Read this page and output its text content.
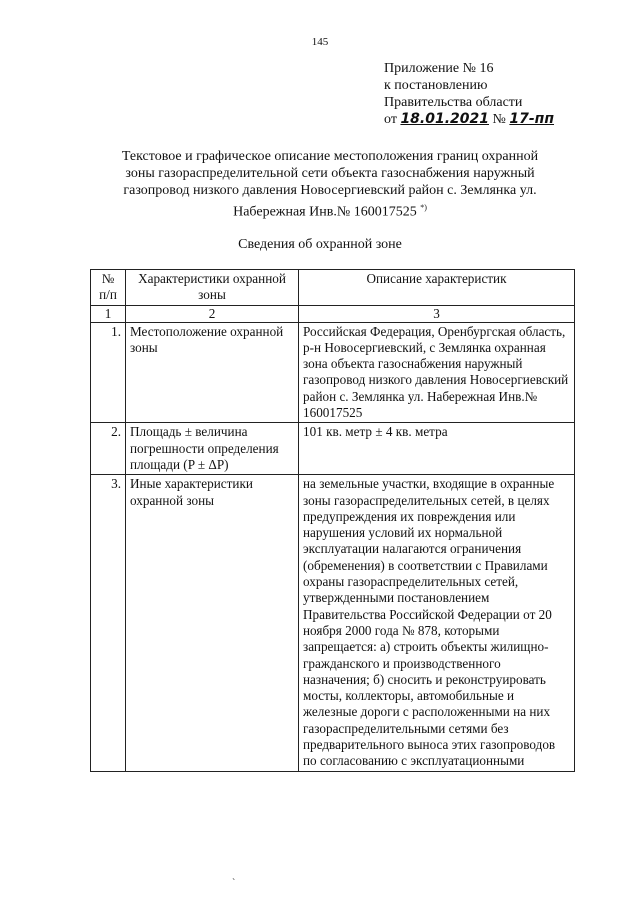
145
Приложение № 16
к постановлению
Правительства области
от 18.01.2021 № 17-пп
Текстовое и графическое описание местоположения границ охранной зоны газораспределительной сети объекта газоснабжения наружный газопровод низкого давления Новосергиевский район с. Землянка ул. Набережная Инв.№ 160017525 *)
Сведения об охранной зоне
№ п/п	Характеристики охранной зоны	Описание характеристик
1	2	3
1.	Местоположение охранной зоны	Российская Федерация, Оренбургская область, р-н Новосергиевский, с Землянка охранная зона объекта газоснабжения наружный газопровод низкого давления Новосергиевский район с. Землянка ул. Набережная Инв.№ 160017525
2.	Площадь ± величина погрешности определения площади (P ± ΔP)	101 кв. метр ± 4 кв. метра
3.	Иные характеристики охранной зоны	на земельные участки, входящие в охранные зоны газораспределительных сетей, в целях предупреждения их повреждения или нарушения условий их нормальной эксплуатации налагаются ограничения (обременения) в соответствии с Правилами охраны газораспределительных сетей, утвержденными постановлением Правительства Российской Федерации от 20 ноября 2000 года № 878, которыми запрещается: а) строить объекты жилищно-гражданского и производственного назначения; б) сносить и реконструировать мосты, коллекторы, автомобильные и железные дороги с расположенными на них газораспределительными сетями без предварительного выноса этих газопроводов по согласованию с эксплуатационными
`
